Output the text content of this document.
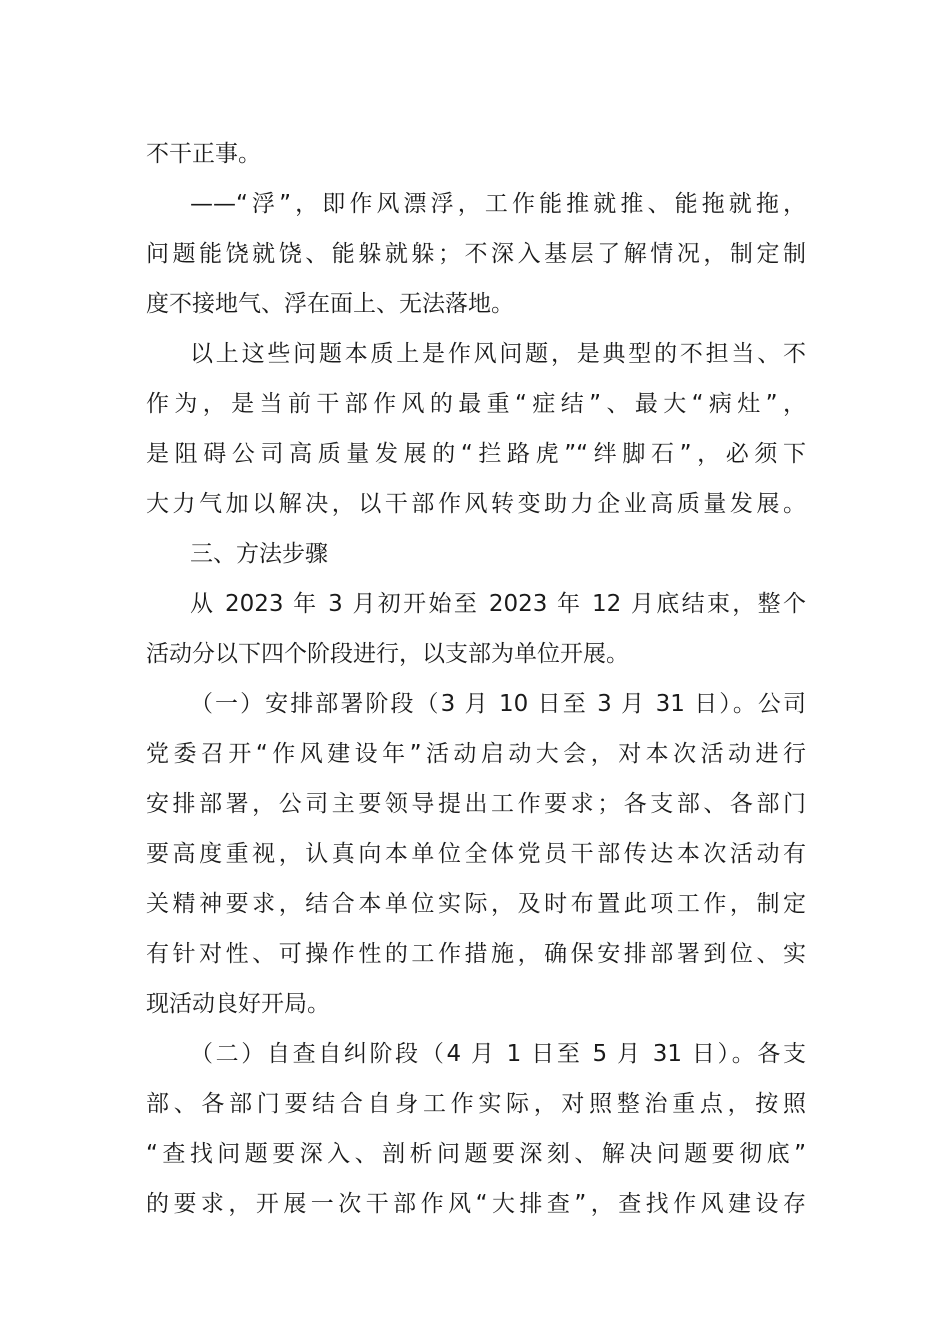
不干正事。
——“浮”，即作风漂浮，工作能推就推、能拖就拖，
问题能饶就饶、能躲就躲；不深入基层了解情况，制定制
度不接地气、浮在面上、无法落地。
以上这些问题本质上是作风问题，是典型的不担当、不
作为，是当前干部作风的最重“症结”、最大“病灶”，
是阻碍公司高质量发展的“拦路虎”“绊脚石”，必须下
大力气加以解决，以干部作风转变助力企业高质量发展。
三、方法步骤
从 2023 年 3 月初开始至 2023 年 12 月底结束，整个
活动分以下四个阶段进行，以支部为单位开展。
（一）安排部署阶段（3 月 10 日至 3 月 31 日）。公司
党委召开“作风建设年”活动启动大会，对本次活动进行
安排部署，公司主要领导提出工作要求；各支部、各部门
要高度重视，认真向本单位全体党员干部传达本次活动有
关精神要求，结合本单位实际，及时布置此项工作，制定
有针对性、可操作性的工作措施，确保安排部署到位、实
现活动良好开局。
（二）自查自纠阶段（4 月 1 日至 5 月 31 日）。各支
部、各部门要结合自身工作实际，对照整治重点，按照
“查找问题要深入、剖析问题要深刻、解决问题要彻底”
的要求，开展一次干部作风“大排查”，查找作风建设存
